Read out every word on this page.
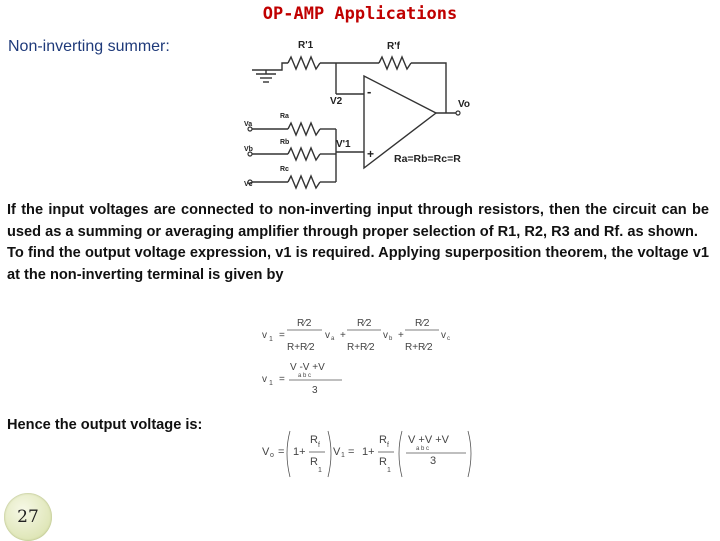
OP-AMP Applications
Non-inverting summer:	R'1	R'f
V2	Vo
V'1
-
+ Ra=Rb=Rc=R
Ra
Rb
Rc
Va
Vb
Vc

If the input voltages are connected to non-inverting input through resistors, then the circuit can be used as a summing or averaging amplifier through proper selection of R1, R2, R3 and Rf. as shown.

To find the output voltage expression, v1 is required. Applying superposition theorem, the voltage v1 at the non-inverting terminal is given by

v 1 =
R⁄2
R+R⁄2
v a +
R⁄2
R+R⁄2
v b +
R⁄2
R+R⁄2
v c
v 1 =
V -V +V
a b c
3
Hence the output voltage is:
V o = 1+
R f
R
1
V 1 = 1+
R f
R
1
V +V +V
a b c
3
27
